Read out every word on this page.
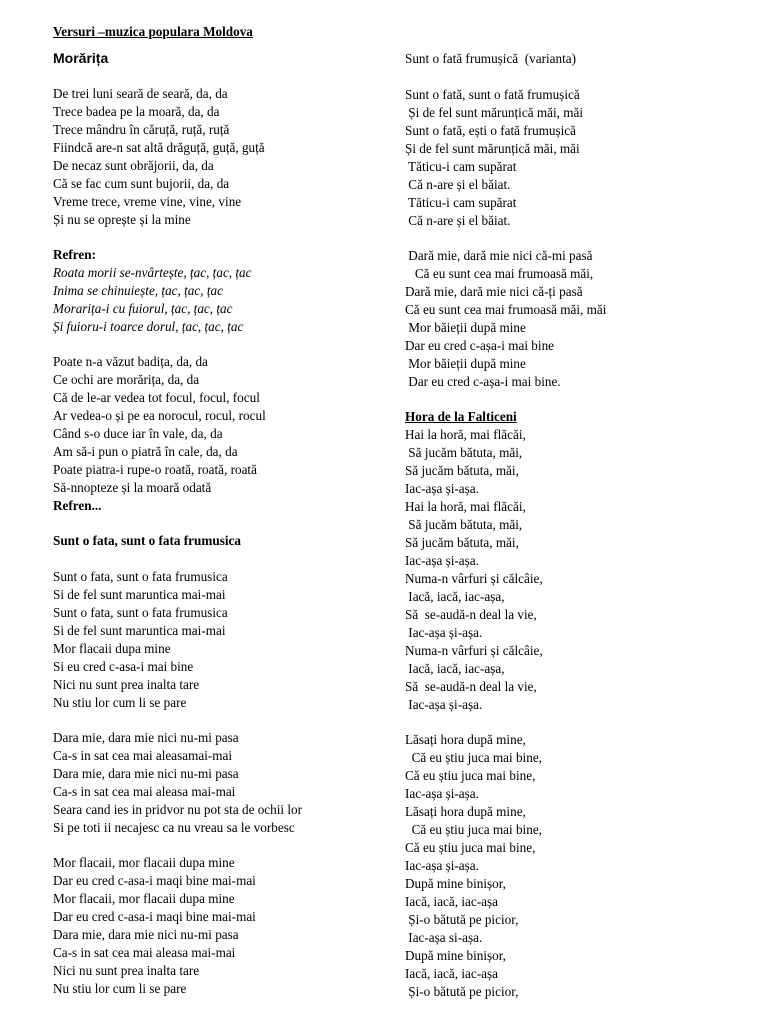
Versuri –muzica populara Moldova
Morărița
De trei luni seară de seară, da, da
Trece badea pe la moară, da, da
Trece mândru în căruță, ruță, ruță
Fiindcă are-n sat altă drăguță, guță, guță
De necaz sunt obrăjorii, da, da
Că se fac cum sunt bujorii, da, da
Vreme trece, vreme vine, vine, vine
Și nu se oprește și la mine
Refren:
Roata morii se-nvârtește, țac, țac, țac
Inima se chinuiește, țac, țac, țac
Morarița-i cu fuiorul, țac, țac, țac
Și fuioru-i toarce dorul, țac, țac, țac
Poate n-a văzut badița, da, da
Ce ochi are morărița, da, da
Că de le-ar vedea tot focul, focul, focul
Ar vedea-o și pe ea norocul, rocul, rocul
Când s-o duce iar în vale, da, da
Am să-i pun o piatră în cale, da, da
Poate piatra-i rupe-o roată, roată, roată
Să-nnopteze și la moară odată
Refren...
Sunt o fata, sunt o fata frumusica
Sunt o fata, sunt o fata frumusica
Si de fel sunt maruntica mai-mai
Sunt o fata, sunt o fata frumusica
Si de fel sunt maruntica mai-mai
Mor flacaii dupa mine
Si eu cred c-asa-i mai bine
Nici nu sunt prea inalta tare
Nu stiu lor cum li se pare
Dara mie, dara mie nici nu-mi pasa
Ca-s in sat cea mai aleasamai-mai
Dara mie, dara mie nici nu-mi pasa
Ca-s in sat cea mai aleasa mai-mai
Seara cand ies in pridvor nu pot sta de ochii lor
Si pe toti ii necajesc ca nu vreau sa le vorbesc
Mor flacaii, mor flacaii dupa mine
Dar eu cred c-asa-i maqi bine mai-mai
Mor flacaii, mor flacaii dupa mine
Dar eu cred c-asa-i maqi bine mai-mai
Dara mie, dara mie nici nu-mi pasa
Ca-s in sat cea mai aleasa mai-mai
Nici nu sunt prea inalta tare
Nu stiu lor cum li se pare
Sunt o fată frumușică  (varianta)
Sunt o fată, sunt o fată frumușică
Și de fel sunt mărunțică măi, măi
Sunt o fată, ești o fată frumușică
Și de fel sunt mărunțică măi, măi
Tăticu-i cam supărat
Că n-are și el băiat.
Tăticu-i cam supărat
Că n-are și el băiat.
Dară mie, dară mie nici că-mi pasă
Că eu sunt cea mai frumoasă măi,
Dară mie, dară mie nici că-ți pasă
Că eu sunt cea mai frumoasă măi, măi
Mor băieții după mine
Dar eu cred c-așa-i mai bine
Mor băieții după mine
Dar eu cred c-așa-i mai bine.
Hora de la Falticeni
Hai la horă, mai flăcăi,
Să jucăm bătuta, măi,
Să jucăm bătuta, măi,
Iac-așa și-așa.
Hai la horă, mai flăcăi,
Să jucăm bătuta, măi,
Să jucăm bătuta, măi,
Iac-așa și-așa.
Numa-n vârfuri și călcâie,
Iacă, iacă, iac-așa,
Să  se-audă-n deal la vie,
Iac-așa și-așa.
Numa-n vârfuri și călcâie,
Iacă, iacă, iac-așa,
Să  se-audă-n deal la vie,
Iac-așa și-așa.
Lăsați hora după mine,
Că eu știu juca mai bine,
Că eu știu juca mai bine,
Iac-așa și-așa.
Lăsați hora după mine,
Că eu știu juca mai bine,
Că eu știu juca mai bine,
Iac-așa și-așa.
După mine binișor,
Iacă, iacă, iac-așa
Și-o bătută pe picior,
Iac-așa si-așa.
După mine binișor,
Iacă, iacă, iac-așa
Și-o bătută pe picior,
